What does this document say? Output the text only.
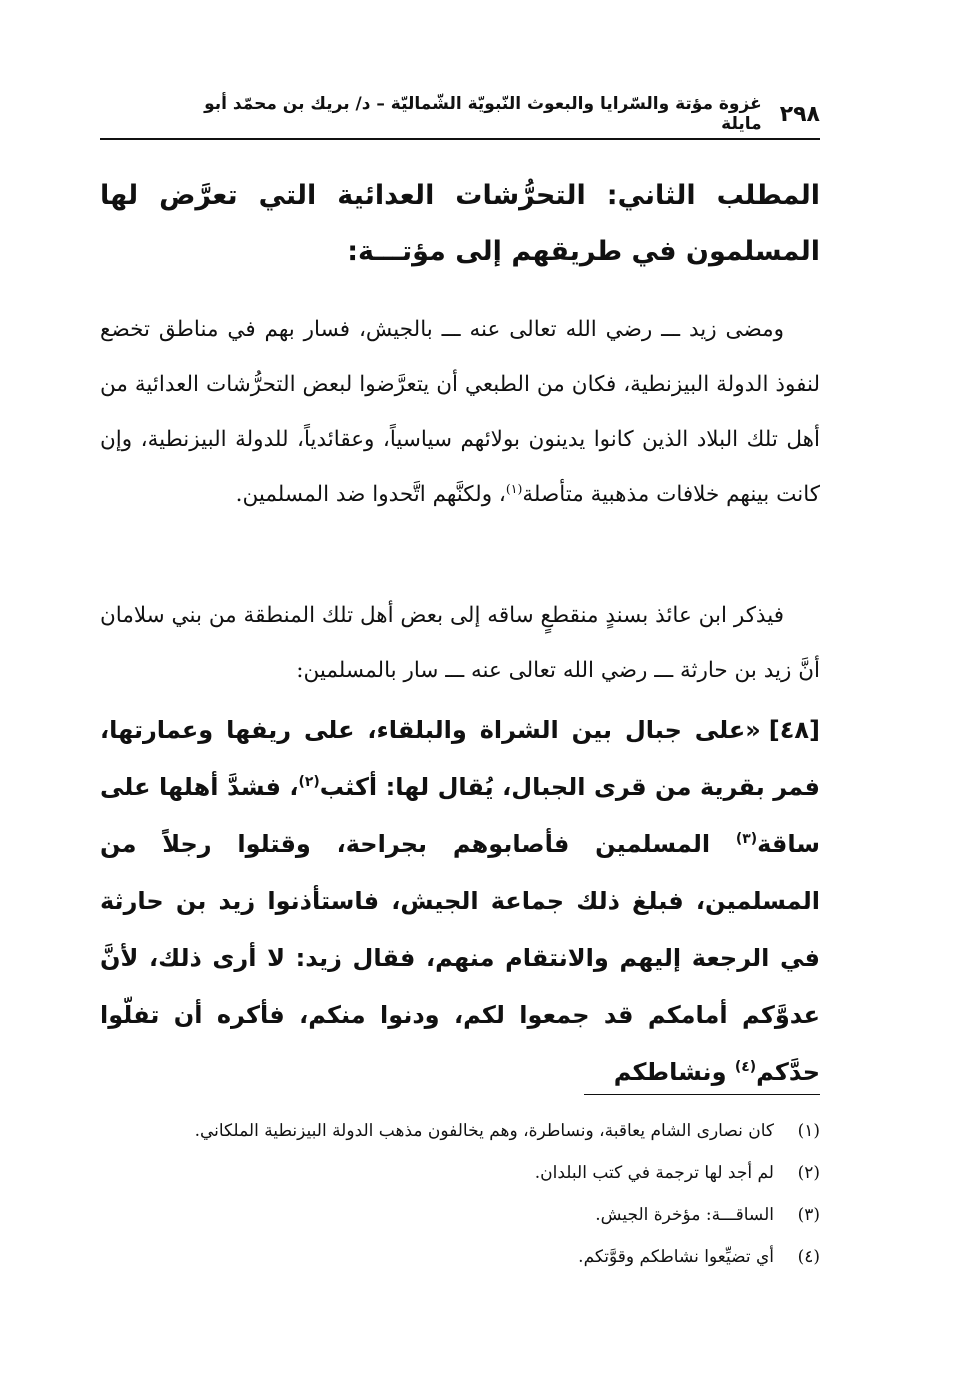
٢٩٨
غزوة مؤتة والسّرايا والبعوث النّبويّة الشّماليّة – د/ بريك بن محمّد أبو مايلة
المطلب الثاني: التحرُّشات العدائية التي تعرَّض لها المسلمون في طريقهم إلى مؤتـــة:
ومضى زيد ـــ رضي الله تعالى عنه ـــ بالجيش، فسار بهم في مناطق تخضع لنفوذ الدولة البيزنطية، فكان من الطبعي أن يتعرَّضوا لبعض التحرُّشات العدائية من أهل تلك البلاد الذين كانوا يدينون بولائهم سياسياً، وعقائدياً، للدولة البيزنطية، وإن كانت بينهم خلافات مذهبية متأصلة$^{(١)}$، ولكنَّهم اتَّحدوا ضد المسلمين.
فيذكر ابن عائذ بسندٍ منقطعٍ ساقه إلى بعض أهل تلك المنطقة من بني سلامان أنَّ زيد بن حارثة ـــ رضي الله تعالى عنه ـــ سار بالمسلمين:
[٤٨]«على جبال بين الشراة والبلقاء، على ريفها وعمارتها، فمر بقرية من قرى الجبال، يُقال لها: أكثب$^{(٢)}$، فشدَّ أهلها على ساقة$^{(٣)}$ المسلمين فأصابوهم بجراحة، وقتلوا رجلاً من المسلمين، فبلغ ذلك جماعة الجيش، فاستأذنوا زيد بن حارثة في الرجعة إليهم والانتقام منهم، فقال زيد: لا أرى ذلك، لأنَّ عدوَّكم أمامكم قد جمعوا لكم، ودنوا منكم، فأكره أن تفلّوا حدَّكم$^{(٤)}$ ونشاطكم
(١)
كان نصارى الشام يعاقبة، ونساطرة، وهم يخالفون مذهب الدولة البيزنطية الملكاني.
(٢)
لم أجد لها ترجمة في كتب البلدان.
(٣)
الساقـــة: مؤخرة الجيش.
(٤)
أي تضيِّعوا نشاطكم وقوَّتكم.
